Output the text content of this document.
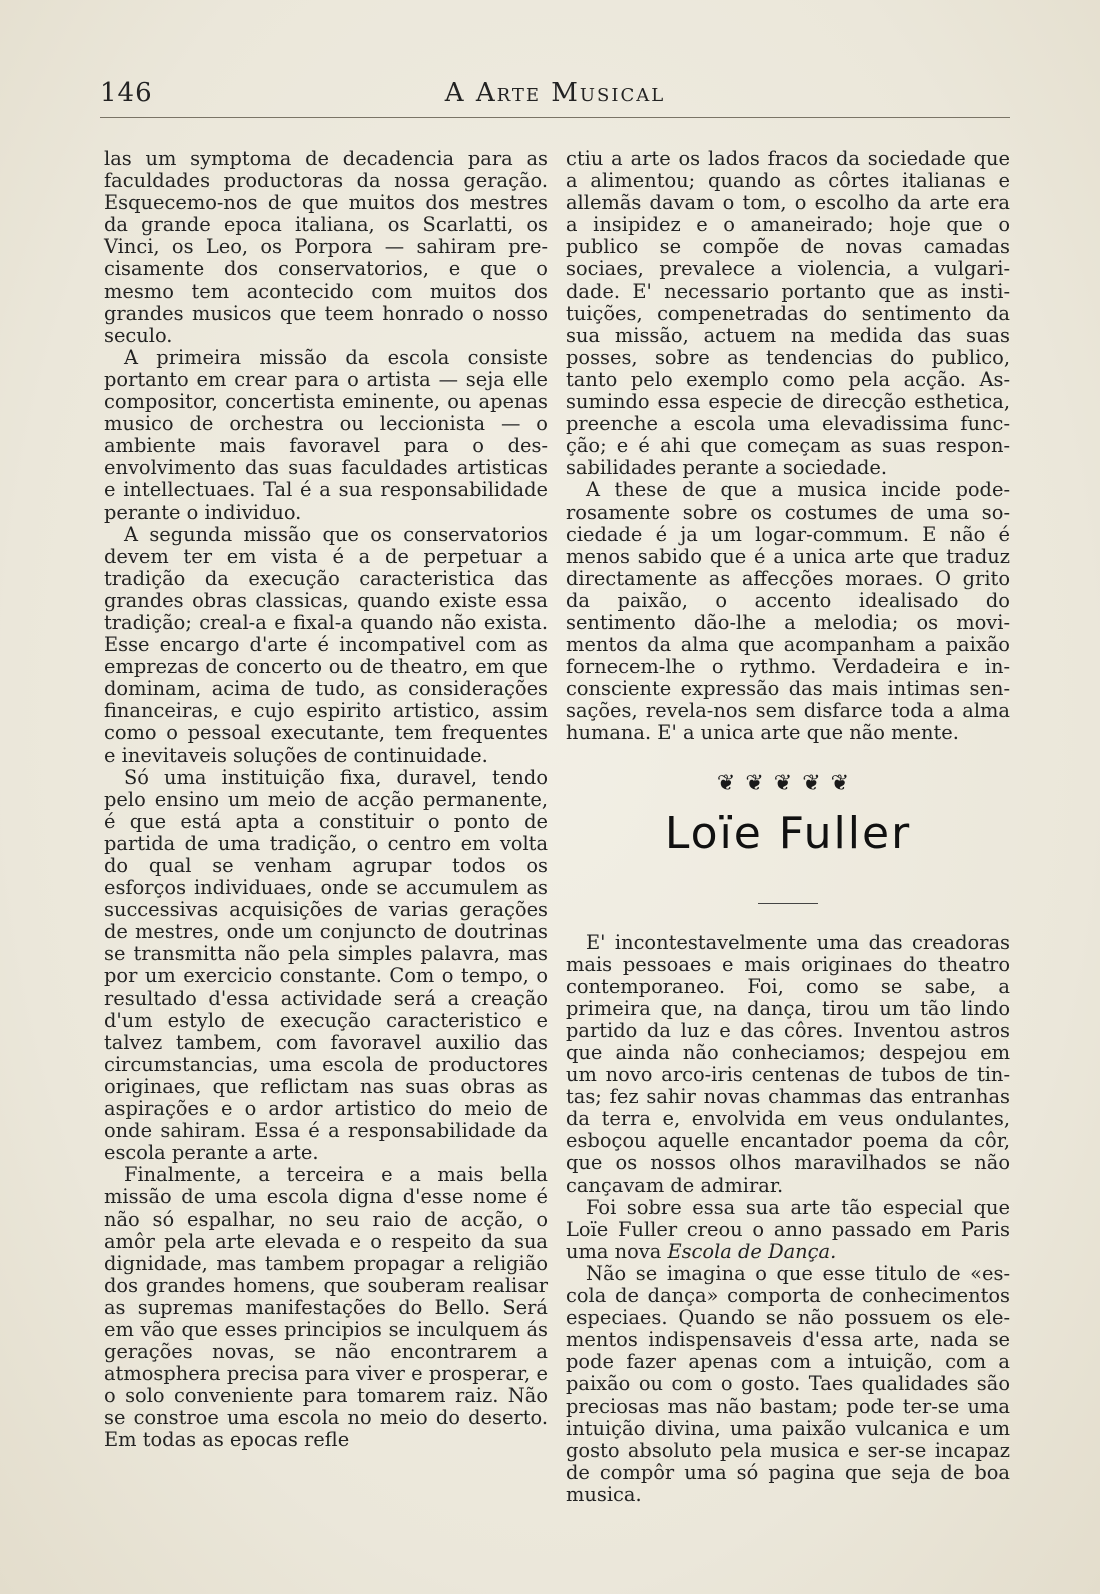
146	A Arte Musical

las um symptoma de decadencia para as faculdades productoras da nossa geração. Esquecemo-nos de que muitos dos mestres da grande epoca italiana, os Scarlatti, os Vinci, os Leo, os Porpora — sahiram precisamente dos conservatorios, e que o mesmo tem acontecido com muitos dos grandes musicos que teem honrado o nosso seculo.

A primeira missão da escola consiste portanto em crear para o artista — seja elle compositor, concertista eminente, ou apenas musico de orchestra ou leccionista — o ambiente mais favoravel para o desenvolvimento das suas faculdades artisticas e intellectuaes. Tal é a sua responsabilidade perante o individuo.

A segunda missão que os conservatorios devem ter em vista é a de perpetuar a tradição da execução caracteristica das grandes obras classicas, quando existe essa tradição; creal-a e fixal-a quando não exista. Esse encargo d'arte é incompativel com as emprezas de concerto ou de theatro, em que dominam, acima de tudo, as considerações financeiras, e cujo espirito artistico, assim como o pessoal executante, tem frequentes e inevitaveis soluções de continuidade.

Só uma instituição fixa, duravel, tendo pelo ensino um meio de acção permanente, é que está apta a constituir o ponto de partida de uma tradição, o centro em volta do qual se venham agrupar todos os esforços individuaes, onde se accumulem as successivas acquisições de varias gerações de mestres, onde um conjuncto de doutrinas se transmitta não pela simples palavra, mas por um exercicio constante. Com o tempo, o resultado d'essa actividade será a creação d'um estylo de execução caracteristico e talvez tambem, com favoravel auxilio das circumstancias, uma escola de productores originaes, que reflictam nas suas obras as aspirações e o ardor artistico do meio de onde sahiram. Essa é a responsabilidade da escola perante a arte.

Finalmente, a terceira e a mais bella missão de uma escola digna d'esse nome é não só espalhar, no seu raio de acção, o amôr pela arte elevada e o respeito da sua dignidade, mas tambem propagar a religião dos grandes homens, que souberam realisar as supremas manifestações do Bello. Será em vão que esses principios se inculquem ás gerações novas, se não encontrarem a atmosphera precisa para viver e prosperar, e o solo conveniente para tomarem raiz. Não se constroe uma escola no meio do deserto. Em todas as epocas refle

ctiu a arte os lados fracos da sociedade que a alimentou; quando as côrtes italianas e allemãs davam o tom, o escolho da arte era a insipidez e o amaneirado; hoje que o publico se compõe de novas camadas sociaes, prevalece a violencia, a vulgaridade. E' necessario portanto que as instituições, compenetradas do sentimento da sua missão, actuem na medida das suas posses, sobre as tendencias do publico, tanto pelo exemplo como pela acção. Assumindo essa especie de direcção esthetica, preenche a escola uma elevadissima funcção; e é ahi que começam as suas responsabilidades perante a sociedade.

A these de que a musica incide poderosamente sobre os costumes de uma sociedade é ja um logar-commum. E não é menos sabido que é a unica arte que traduz directamente as affecções moraes. O grito da paixão, o accento idealisado do sentimento dão-lhe a melodia; os movimentos da alma que acompanham a paixão fornecem-lhe o rythmo. Verdadeira e inconsciente expressão das mais intimas sensações, revela-nos sem disfarce toda a alma humana. E' a unica arte que não mente.

❦❦❦❦❦
Loïe Fuller

E' incontestavelmente uma das creadoras mais pessoaes e mais originaes do theatro contemporaneo. Foi, como se sabe, a primeira que, na dança, tirou um tão lindo partido da luz e das côres. Inventou astros que ainda não conheciamos; despejou em um novo arco-iris centenas de tubos de tintas; fez sahir novas chammas das entranhas da terra e, envolvida em veus ondulantes, esboçou aquelle encantador poema da côr, que os nossos olhos maravilhados se não cançavam de admirar.

Foi sobre essa sua arte tão especial que Loïe Fuller creou o anno passado em Paris uma nova Escola de Dança.

Não se imagina o que esse titulo de «escola de dança» comporta de conhecimentos especiaes. Quando se não possuem os elementos indispensaveis d'essa arte, nada se pode fazer apenas com a intuição, com a paixão ou com o gosto. Taes qualidades são preciosas mas não bastam; pode ter-se uma intuição divina, uma paixão vulcanica e um gosto absoluto pela musica e ser-se incapaz de compôr uma só pagina que seja de boa musica.
